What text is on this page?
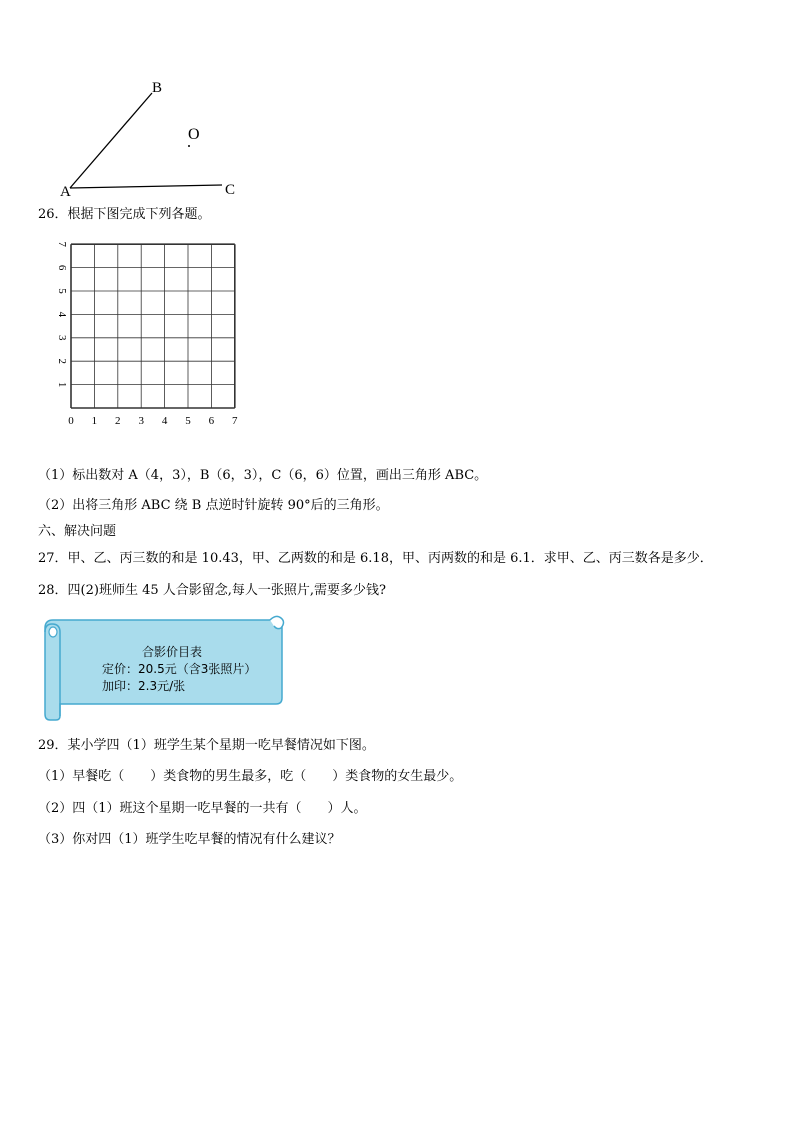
A
B
C
O
26．根据下图完成下列各题。
0 1 2 3 4 5 6 7
1
2
3
4
5
6
7
（1）标出数对 A（4，3），B（6，3），C（6，6）位置，画出三角形 ABC。
（2）出将三角形 ABC 绕 B 点逆时针旋转 90°后的三角形。
六、解决问题
27．甲、乙、丙三数的和是 10.43，甲、乙两数的和是 6.18，甲、丙两数的和是 6.1．求甲、乙、丙三数各是多少．
28．四(2)班师生 45 人合影留念,每人一张照片,需要多少钱?
合影价目表
定价：20.5元（含3张照片）
加印：2.3元/张
29．某小学四（1）班学生某个星期一吃早餐情况如下图。
（1）早餐吃（　　）类食物的男生最多，吃（　　）类食物的女生最少。
（2）四（1）班这个星期一吃早餐的一共有（　　）人。
（3）你对四（1）班学生吃早餐的情况有什么建议？
